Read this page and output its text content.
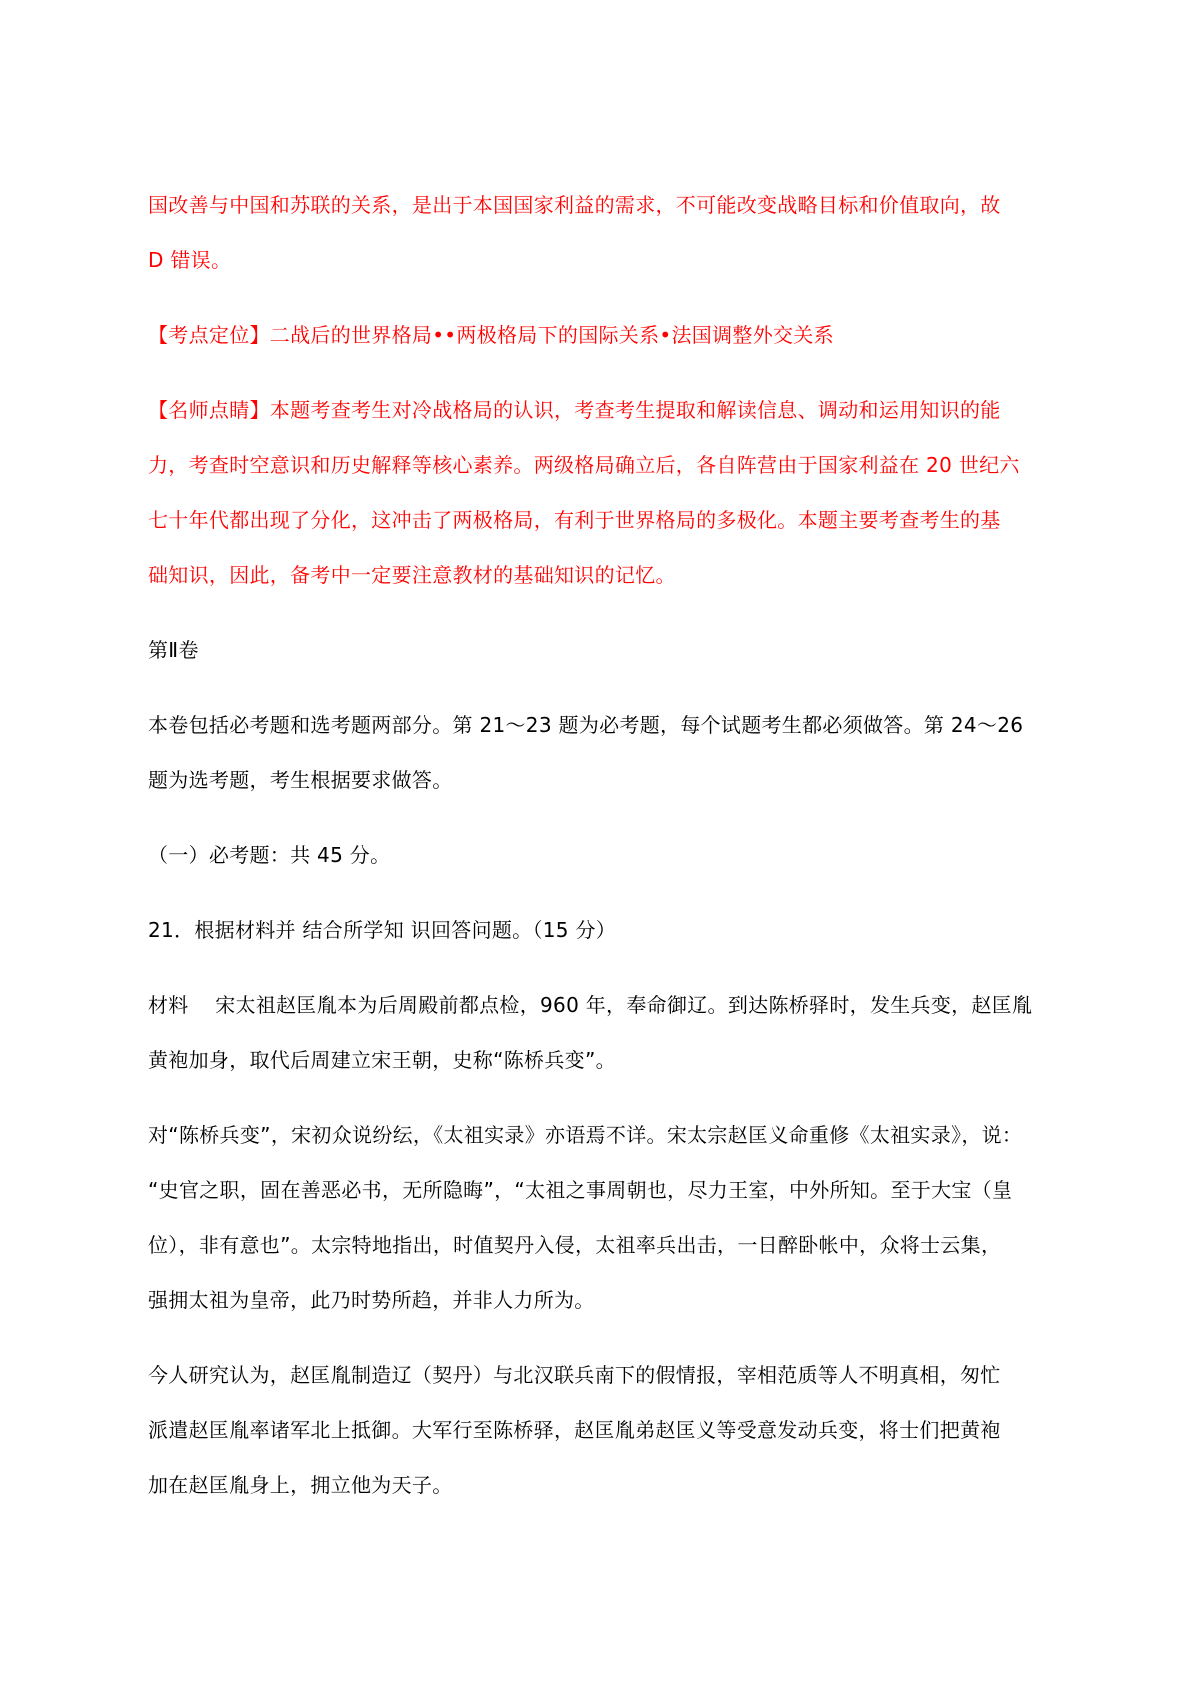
国改善与中国和苏联的关系，是出于本国国家利益的需求，不可能改变战略目标和价值取向，故
D 错误。
【考点定位】二战后的世界格局••两极格局下的国际关系•法国调整外交关系
【名师点睛】本题考查考生对冷战格局的认识，考查考生提取和解读信息、调动和运用知识的能
力，考查时空意识和历史解释等核心素养。两级格局确立后，各自阵营由于国家利益在 20 世纪六
七十年代都出现了分化，这冲击了两极格局，有利于世界格局的多极化。本题主要考查考生的基
础知识，因此，备考中一定要注意教材的基础知识的记忆。
第Ⅱ卷
本卷包括必考题和选考题两部分。第 21～23 题为必考题，每个试题考生都必须做答。第 24～26
题为选考题，考生根据要求做答。
（一）必考题：共 45 分。
21．根据材料并 结合所学知 识回答问题。（15 分）
材料    宋太祖赵匡胤本为后周殿前都点检，960 年，奉命御辽。到达陈桥驿时，发生兵变，赵匡胤
黄袍加身，取代后周建立宋王朝，史称“陈桥兵变”。
对“陈桥兵变”，宋初众说纷纭，《太祖实录》亦语焉不详。宋太宗赵匡义命重修《太祖实录》，说：
“史官之职，固在善恶必书，无所隐晦”，“太祖之事周朝也，尽力王室，中外所知。至于大宝（皇
位），非有意也”。太宗特地指出，时值契丹入侵，太祖率兵出击，一日醉卧帐中，众将士云集，
强拥太祖为皇帝，此乃时势所趋，并非人力所为。
今人研究认为，赵匡胤制造辽（契丹）与北汉联兵南下的假情报，宰相范质等人不明真相，匆忙
派遣赵匡胤率诸军北上抵御。大军行至陈桥驿，赵匡胤弟赵匡义等受意发动兵变，将士们把黄袍
加在赵匡胤身上，拥立他为天子。
